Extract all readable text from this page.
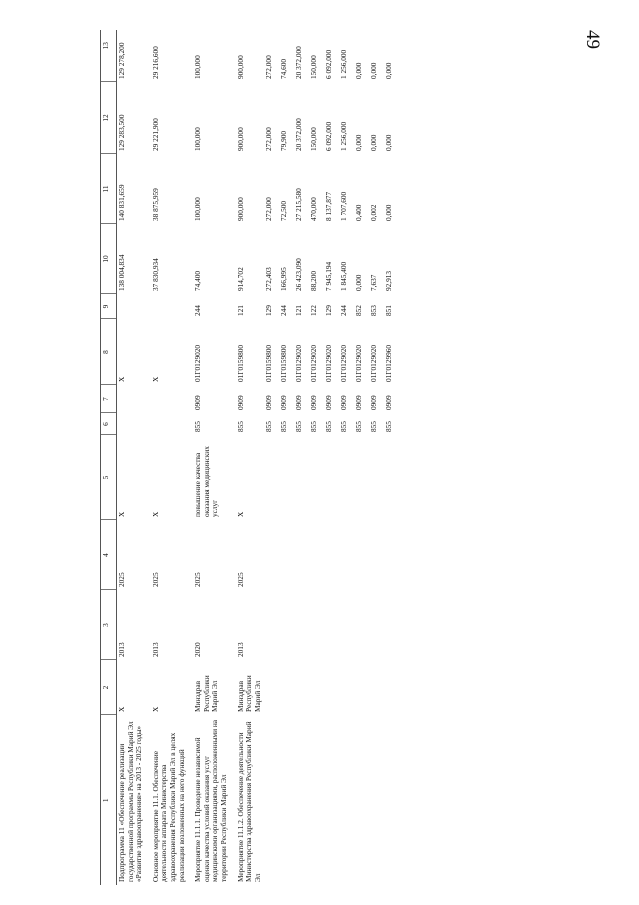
49
1	2	3	4	5	6	7	8	9	10	11	12	13
Подпрограмма 11 «Обеспечение реализации государственной программы Республики Марий Эл «Развитие здравоохранения» на 2013 - 2025 годы»	X	2013	2025	X			X		138 004,834	140 831,659	129 283,500	129 278,200

Основное мероприятие 11.1. Обеспечение деятельности аппарата Министерства здравоохранения Республики Марий Эл в целях реализации возложенных на него функций	X	2013	2025	X			X		37 830,934	38 875,959	29 221,900	29 216,600

Мероприятие 11.1.1. Проведение независимой оценки качества условий оказания услуг медицинскими организациями, расположенными на территории Республики Марий Эл	Минздрав Республики Марий Эл	2020	2025	повышение качества оказания медицинских услуг	855	0909	01Г0129020	244	74,400	100,000	100,000	100,000

Мероприятие 11.1.2. Обеспечение деятельности Министерства здравоохранения Республики Марий Эл	Минздрав Республики Марий Эл	2013	2025	X	855	0909	01Г0159800	121	914,702	900,000	900,000	900,000
					855	0909	01Г0159800	129	272,403	272,000	272,000	272,000
					855	0909	01Г0159800	244	166,995	72,500	79,900	74,600
					855	0909	01Г0129020	121	26 423,090	27 215,580	20 372,000	20 372,000
					855	0909	01Г0129020	122	88,200	470,000	150,000	150,000
					855	0909	01Г0129020	129	7 945,194	8 137,877	6 092,000	6 092,000
					855	0909	01Г0129020	244	1 845,400	1 707,600	1 256,000	1 256,000
					855	0909	01Г0129020	852	0,000	0,400	0,000	0,000
					855	0909	01Г0129020	853	7,637	0,002	0,000	0,000
					855	0909	01Г0129960	851	92,913	0,000	0,000	0,000
